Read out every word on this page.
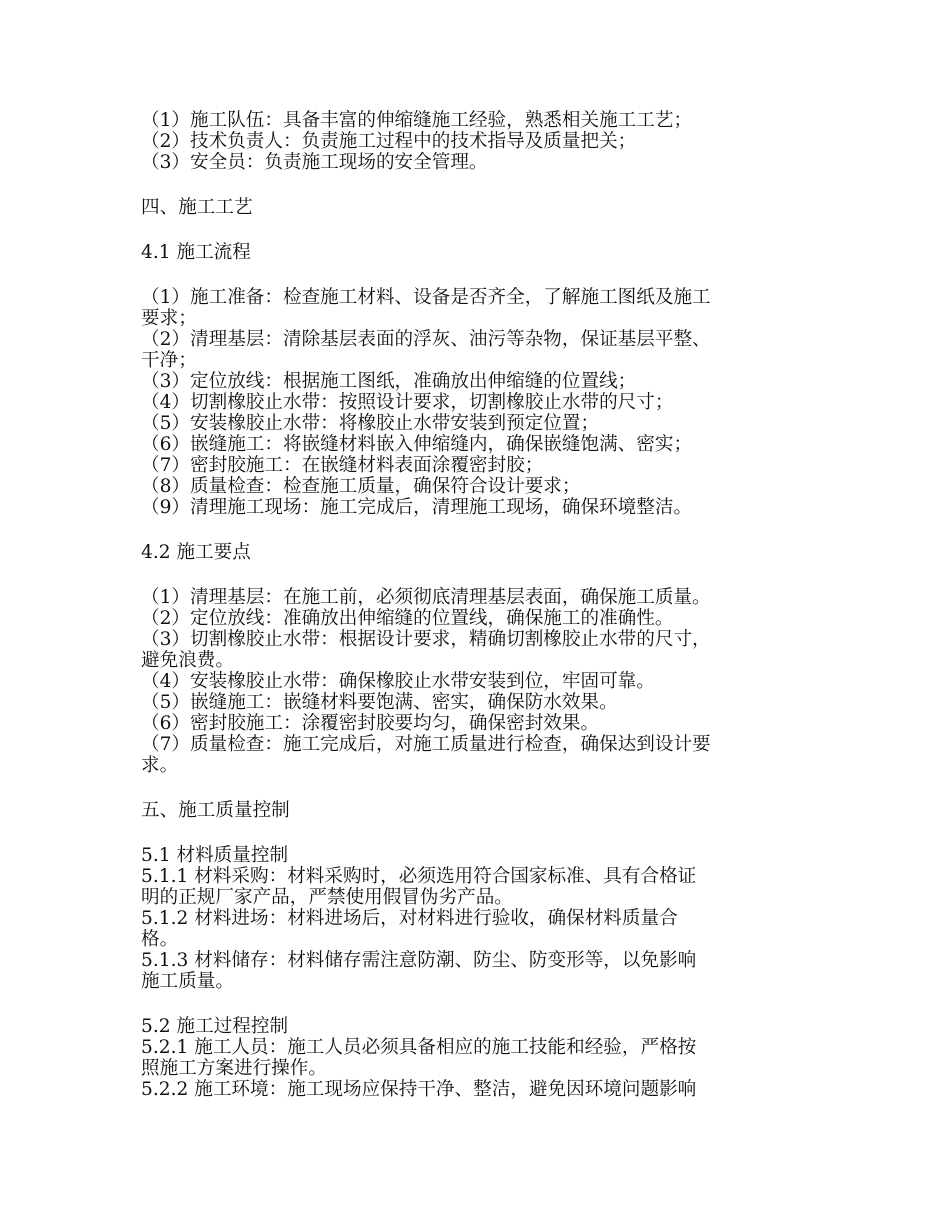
（1）施工队伍：具备丰富的伸缩缝施工经验，熟悉相关施工工艺；
（2）技术负责人：负责施工过程中的技术指导及质量把关；
（3）安全员：负责施工现场的安全管理。
四、施工工艺
4.1 施工流程
（1）施工准备：检查施工材料、设备是否齐全，了解施工图纸及施工
要求；
（2）清理基层：清除基层表面的浮灰、油污等杂物，保证基层平整、
干净；
（3）定位放线：根据施工图纸，准确放出伸缩缝的位置线；
（4）切割橡胶止水带：按照设计要求，切割橡胶止水带的尺寸；
（5）安装橡胶止水带：将橡胶止水带安装到预定位置；
（6）嵌缝施工：将嵌缝材料嵌入伸缩缝内，确保嵌缝饱满、密实；
（7）密封胶施工：在嵌缝材料表面涂覆密封胶；
（8）质量检查：检查施工质量，确保符合设计要求；
（9）清理施工现场：施工完成后，清理施工现场，确保环境整洁。
4.2 施工要点
（1）清理基层：在施工前，必须彻底清理基层表面，确保施工质量。
（2）定位放线：准确放出伸缩缝的位置线，确保施工的准确性。
（3）切割橡胶止水带：根据设计要求，精确切割橡胶止水带的尺寸，
避免浪费。
（4）安装橡胶止水带：确保橡胶止水带安装到位，牢固可靠。
（5）嵌缝施工：嵌缝材料要饱满、密实，确保防水效果。
（6）密封胶施工：涂覆密封胶要均匀，确保密封效果。
（7）质量检查：施工完成后，对施工质量进行检查，确保达到设计要
求。
五、施工质量控制
5.1 材料质量控制
5.1.1 材料采购：材料采购时，必须选用符合国家标准、具有合格证
明的正规厂家产品，严禁使用假冒伪劣产品。
5.1.2 材料进场：材料进场后，对材料进行验收，确保材料质量合
格。
5.1.3 材料储存：材料储存需注意防潮、防尘、防变形等，以免影响
施工质量。
5.2 施工过程控制
5.2.1 施工人员：施工人员必须具备相应的施工技能和经验，严格按
照施工方案进行操作。
5.2.2 施工环境：施工现场应保持干净、整洁，避免因环境问题影响
